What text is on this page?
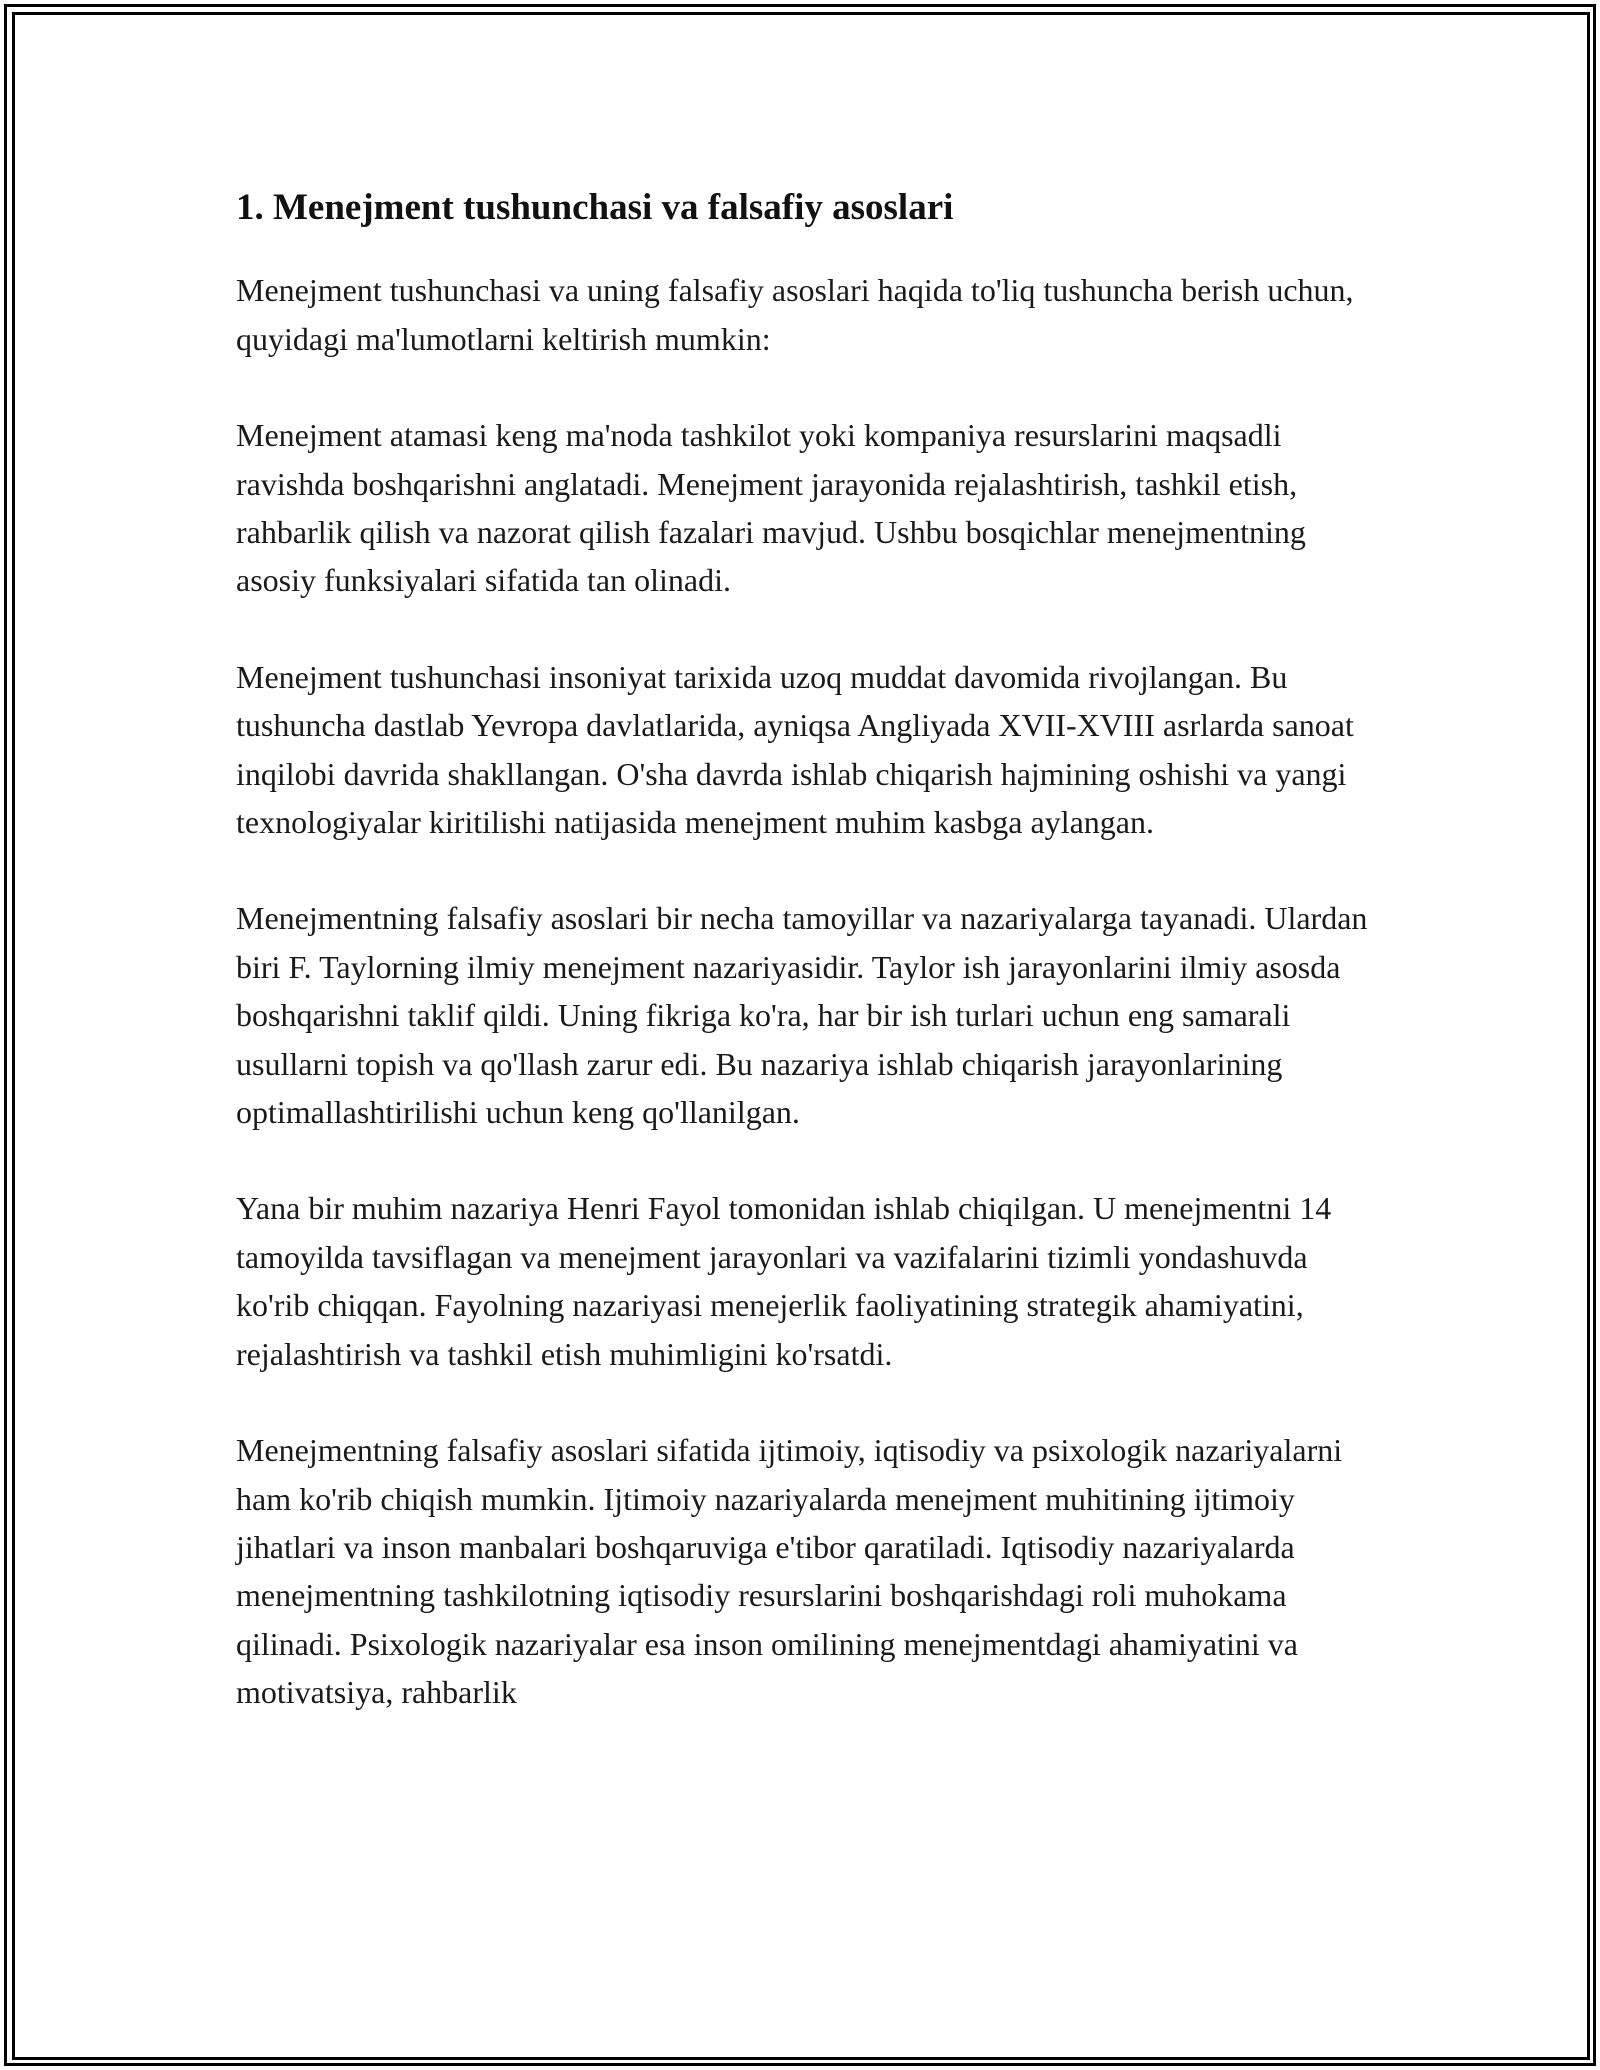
1. Menejment tushunchasi va falsafiy asoslari

Menejment tushunchasi va uning falsafiy asoslari haqida to'liq tushuncha berish uchun, quyidagi ma'lumotlarni keltirish mumkin:

Menejment atamasi keng ma'noda tashkilot yoki kompaniya resurslarini maqsadli ravishda boshqarishni anglatadi. Menejment jarayonida rejalashtirish, tashkil etish, rahbarlik qilish va nazorat qilish fazalari mavjud. Ushbu bosqichlar menejmentning asosiy funksiyalari sifatida tan olinadi.

Menejment tushunchasi insoniyat tarixida uzoq muddat davomida rivojlangan. Bu tushuncha dastlab Yevropa davlatlarida, ayniqsa Angliyada XVII-XVIII asrlarda sanoat inqilobi davrida shakllangan. O'sha davrda ishlab chiqarish hajmining oshishi va yangi texnologiyalar kiritilishi natijasida menejment muhim kasbga aylangan.

Menejmentning falsafiy asoslari bir necha tamoyillar va nazariyalarga tayanadi. Ulardan biri F. Taylorning ilmiy menejment nazariyasidir. Taylor ish jarayonlarini ilmiy asosda boshqarishni taklif qildi. Uning fikriga ko'ra, har bir ish turlari uchun eng samarali usullarni topish va qo'llash zarur edi. Bu nazariya ishlab chiqarish jarayonlarining optimallashtirilishi uchun keng qo'llanilgan.

Yana bir muhim nazariya Henri Fayol tomonidan ishlab chiqilgan. U menejmentni 14 tamoyilda tavsiflagan va menejment jarayonlari va vazifalarini tizimli yondashuvda ko'rib chiqqan. Fayolning nazariyasi menejerlik faoliyatining strategik ahamiyatini, rejalashtirish va tashkil etish muhimligini ko'rsatdi.

Menejmentning falsafiy asoslari sifatida ijtimoiy, iqtisodiy va psixologik nazariyalarni ham ko'rib chiqish mumkin. Ijtimoiy nazariyalarda menejment muhitining ijtimoiy jihatlari va inson manbalari boshqaruviga e'tibor qaratiladi. Iqtisodiy nazariyalarda menejmentning tashkilotning iqtisodiy resurslarini boshqarishdagi roli muhokama qilinadi. Psixologik nazariyalar esa inson omilining menejmentdagi ahamiyatini va motivatsiya, rahbarlik
